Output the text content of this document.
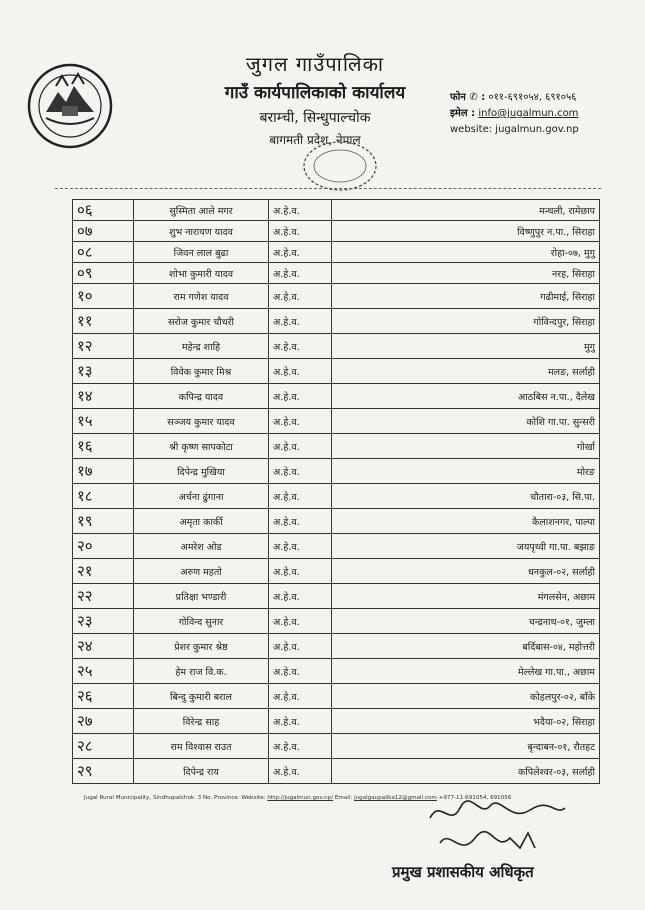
जुगल गाउँपालिका
गाउँ कार्यपालिकाको कार्यालय
बराम्ची, सिन्धुपाल्चोक
बागमती प्रदेश, नेपाल
फोन ✆ : ०११-६९१०५४, ६९१०५६
इमेल : info@jugalmun.com
website: jugalmun.gov.np
०६	सुस्मिता आले मगर	अ.हे.व.	मन्थली, रामेछाप
०७	शुभ नारायण यादव	अ.हे.व.	विष्णुपुर न.पा., सिराहा
०८	जिवन लाल बुढा	अ.हे.व.	रोहा-०७, मुगु
०९	शोभा कुमारी यादव	अ.हे.व.	नरह, सिराहा
१०	राम गणेश यादव	अ.हे.व.	गढीमाई, सिराहा
११	सरोज कुमार चौधरी	अ.हे.व.	गोविन्दपुर, सिराहा
१२	महेन्द्र शाहि	अ.हे.व.	मुगु
१३	विवेक कुमार मिश्र	अ.हे.व.	मलङ, सर्लाही
१४	कपिन्द्र यादव	अ.हे.व.	आठबिस न.पा., दैलेख
१५	सञ्जय कुमार यादव	अ.हे.व.	कोशि गा.पा. सुन्सरी
१६	श्री कृष्ण सापकोटा	अ.हे.व.	गोर्खा
१७	दिपेन्द्र मुखिया	अ.हे.व.	मोरङ
१८	अर्चना ढुंगाना	अ.हे.व.	चौतारा-०३, सि.पा.
१९	अमृता कार्की	अ.हे.व.	कैलाशनगर, पाल्पा
२०	अमरेश ओड	अ.हे.व.	जयपृथ्वी गा.पा. बझाङ
२१	अरुण महतो	अ.हे.व.	धनकुल-०२, सर्लाही
२२	प्रतिक्षा भण्डारी	अ.हे.व.	मंगलसेन, अछाम
२३	गोविन्द सुनार	अ.हे.व.	चन्द्रनाथ-०१, जुम्ला
२४	प्रेशर कुमार श्रेष्ठ	अ.हे.व.	बर्दिबास-०४, महोत्तरी
२५	हेम राज वि.क.	अ.हे.व.	मेल्लेख गा.पा., अछाम
२६	बिन्दु कुमारी बराल	अ.हे.व.	कोहलपुर-०२, बाँके
२७	विरेन्द्र साह	अ.हे.व.	भदैया-०२, सिराहा
२८	राम विश्वास राउत	अ.हे.व.	बृन्दाबन-०१, रौतहट
२९	दिपेन्द्र राय	अ.हे.व.	कपिलेश्वर-०३, सर्लाही
Jugal Rural Municipality, Sindhupalchok. 3 No. Province. Website: http://jugalmun.gov.np/ Email: jugalgaupalika12@gmail.com +977-11-691054, 691056
प्रमुख प्रशासकीय अधिकृत
